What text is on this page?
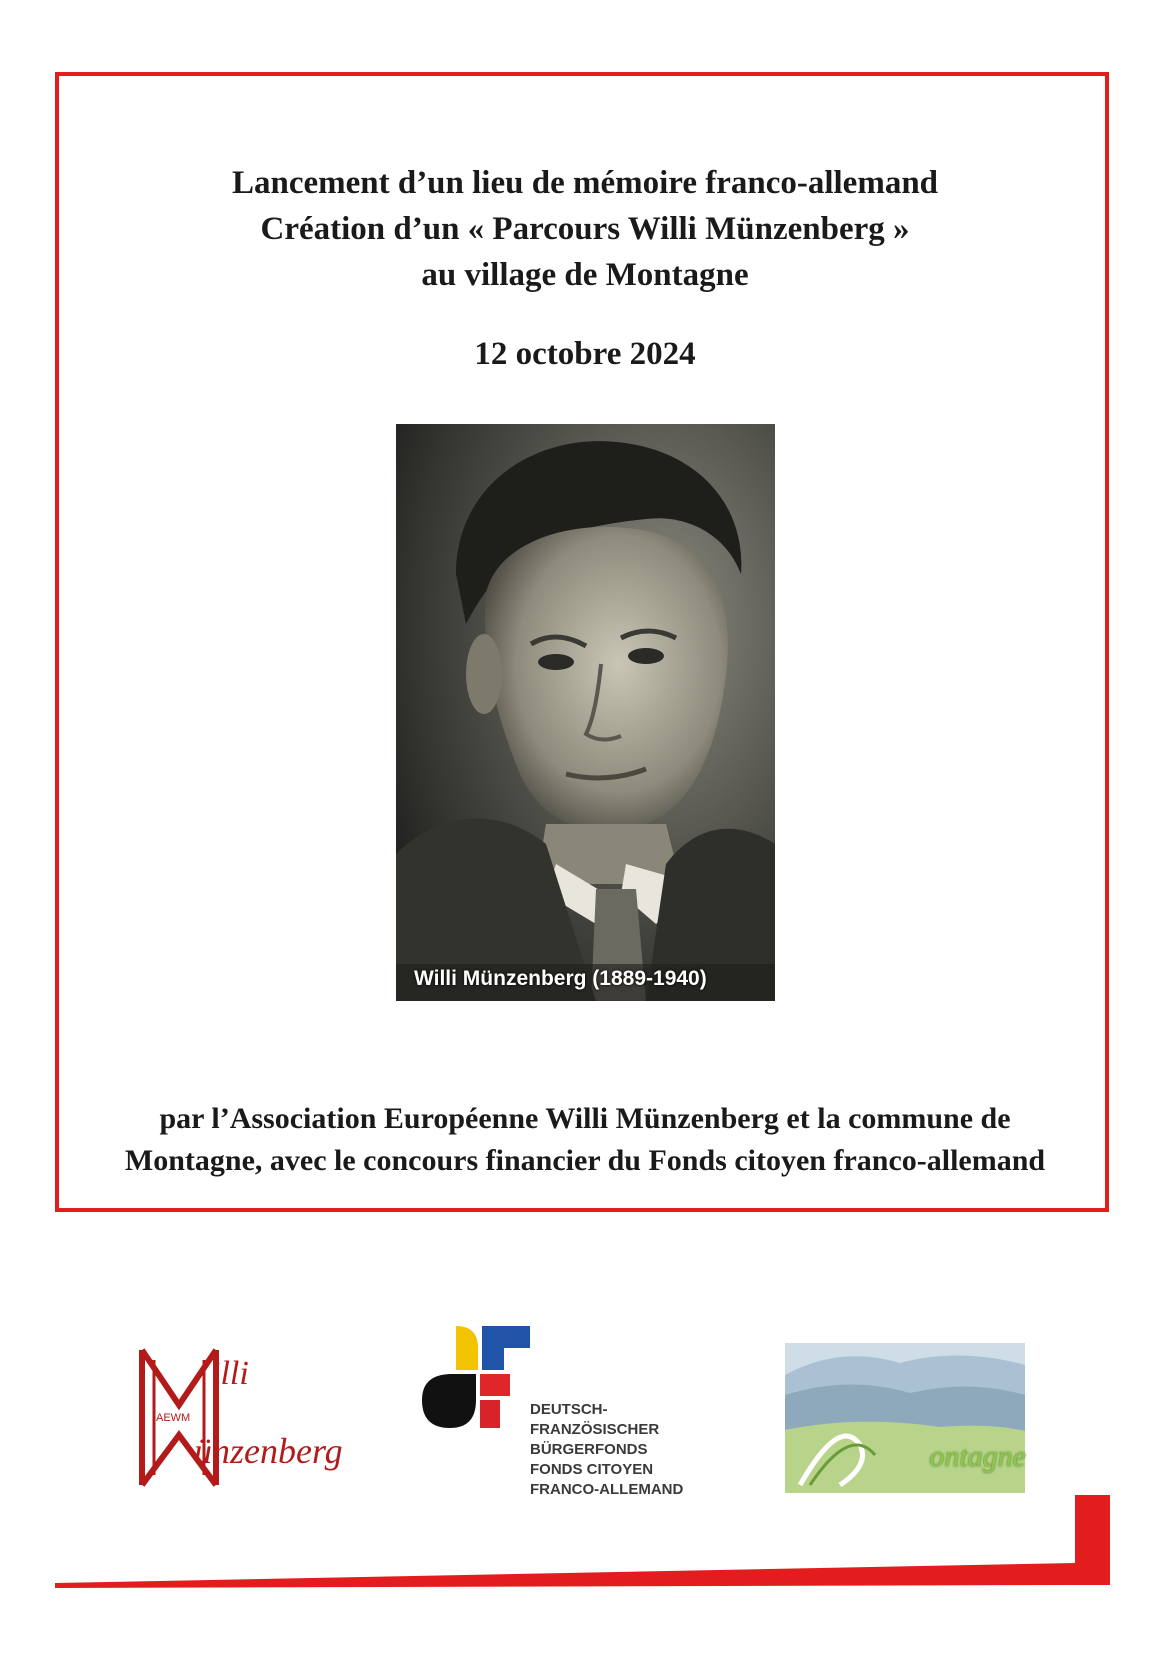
Lancement d’un lieu de mémoire franco-allemand
Création d’un « Parcours Willi Münzenberg »
au village de Montagne
12 octobre 2024
Willi Münzenberg (1889-1940)
par l’Association Européenne Willi Münzenberg et la commune de
Montagne, avec le concours financier du Fonds citoyen franco-allemand
AEWM
illi
ünzenberg
DEUTSCH-
FRANZÖSISCHER
BÜRGERFONDS
FONDS CITOYEN
FRANCO-ALLEMAND
ontagne
